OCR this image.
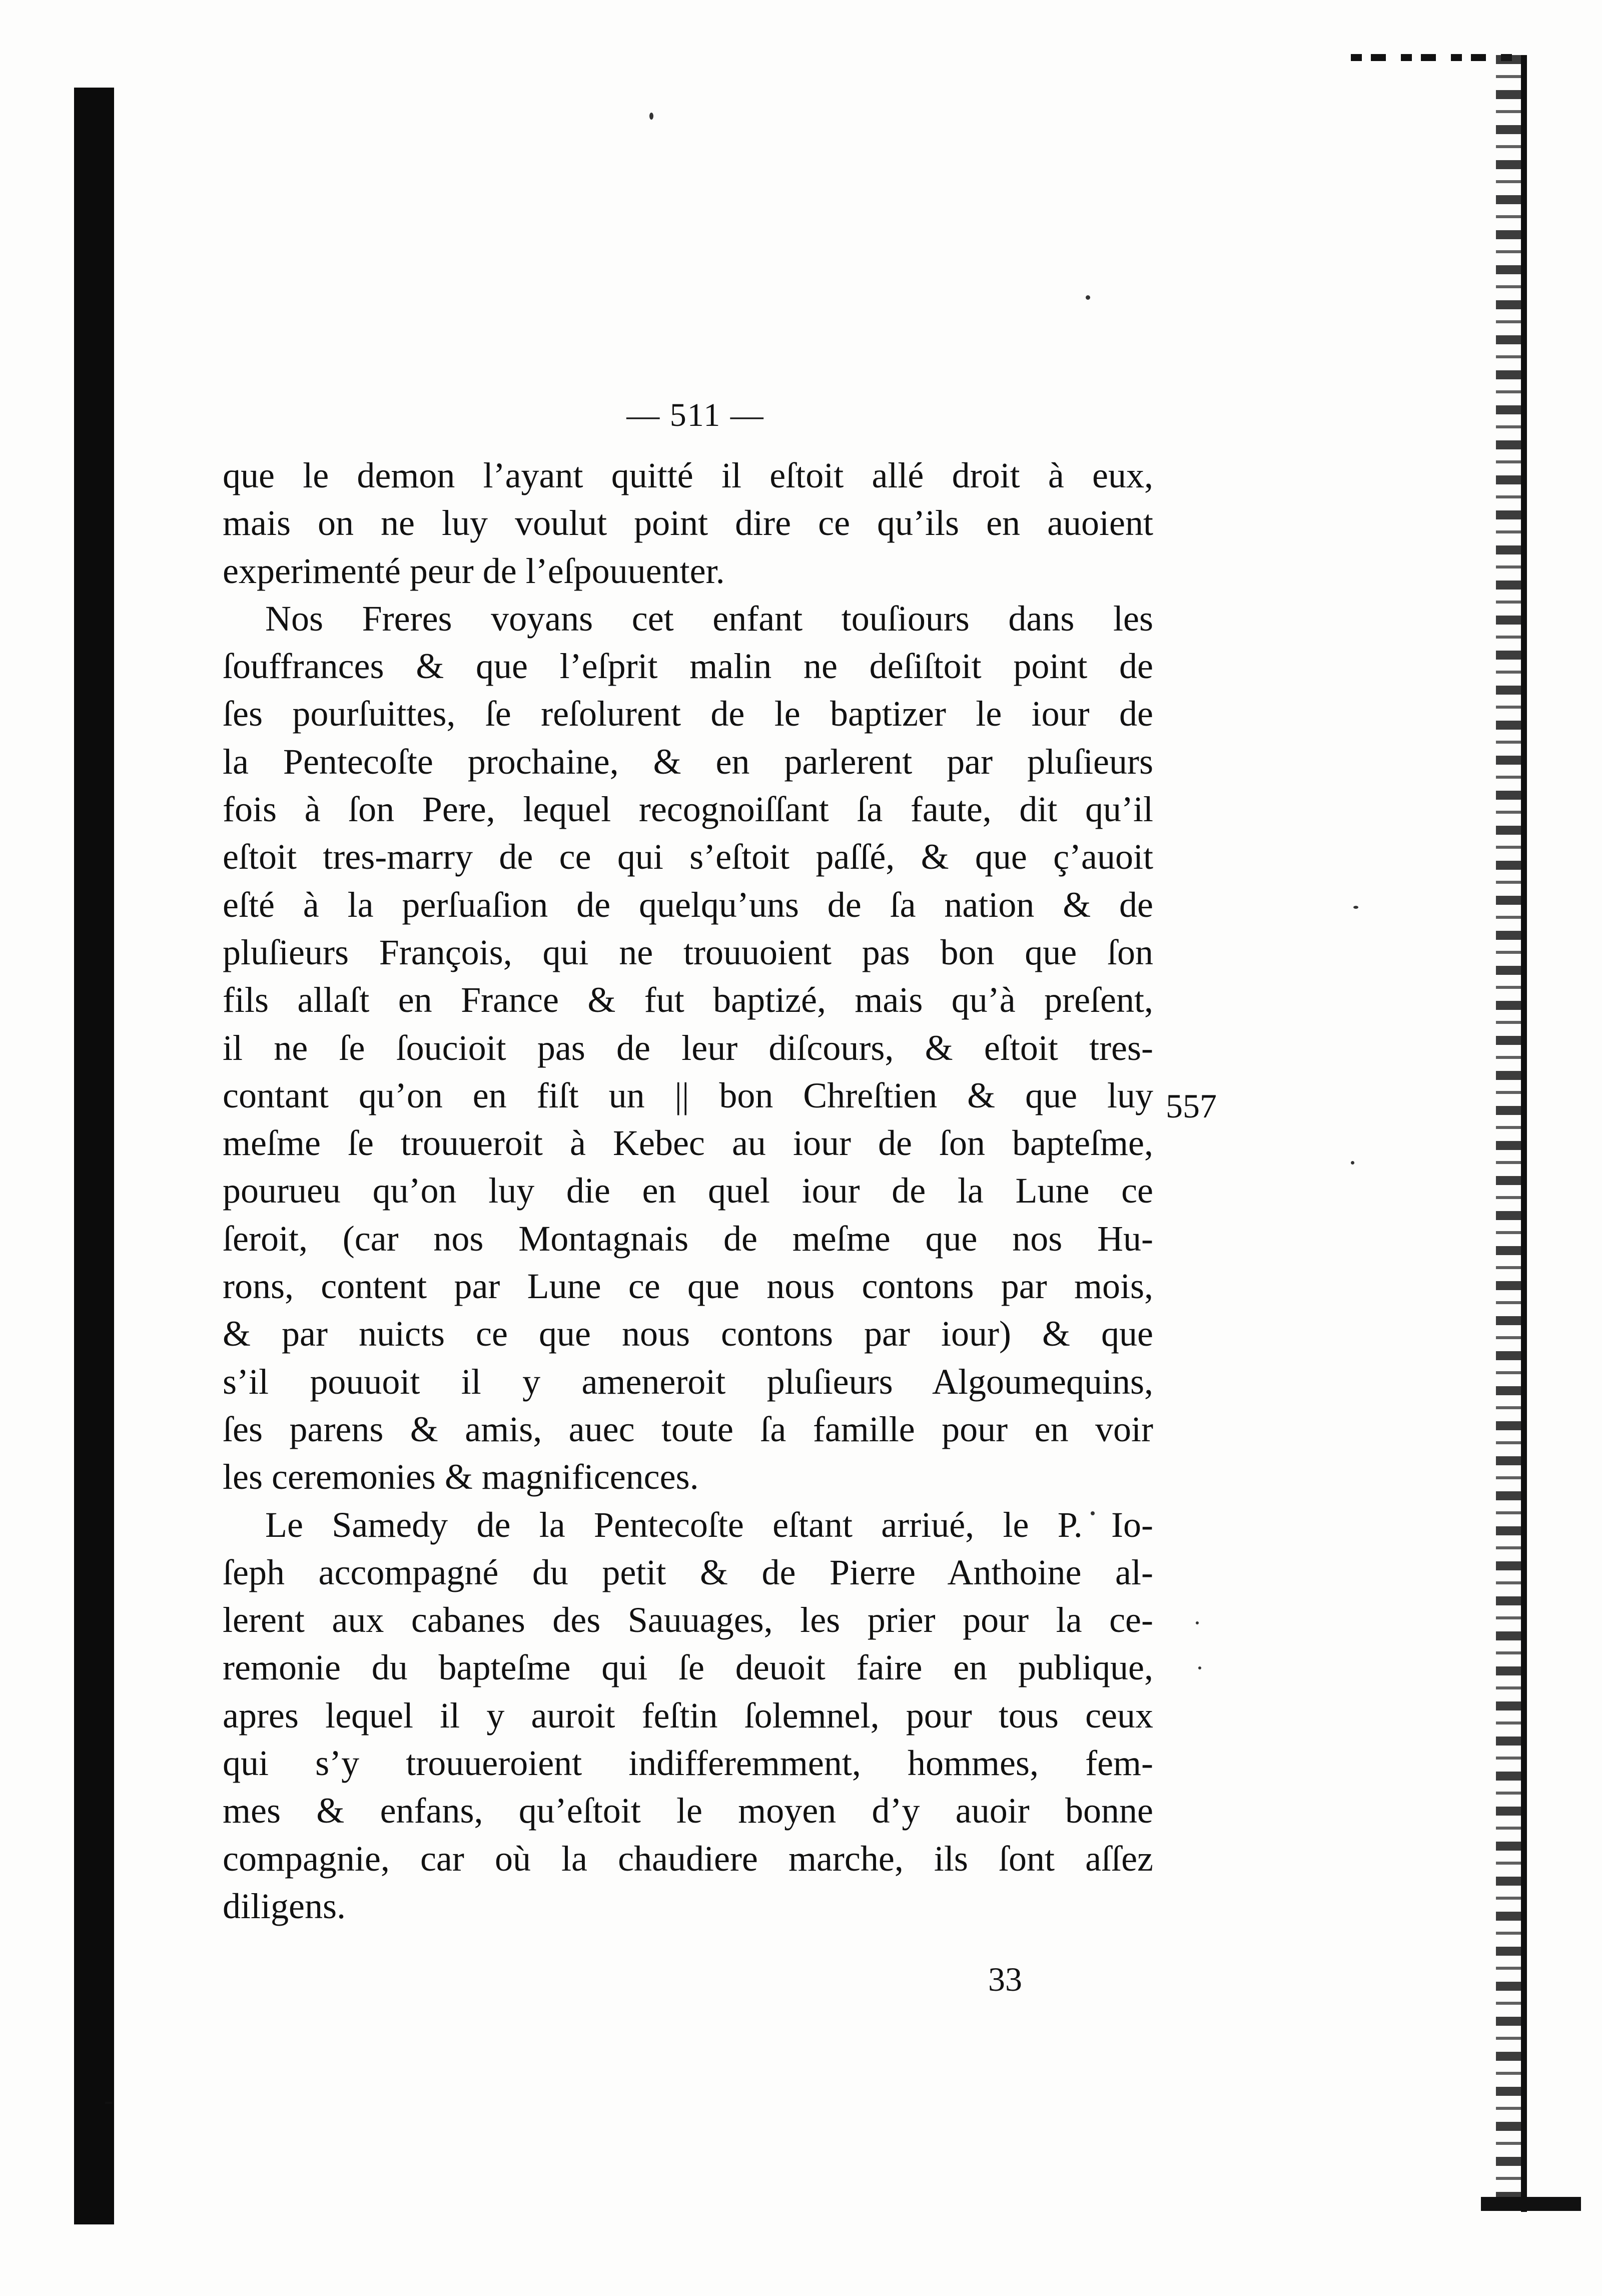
— 511 —
que le demon l’ayant quitté il eſtoit allé droit à eux,
mais on ne luy voulut point dire ce qu’ils en auoient
experimenté peur de l’eſpouuenter.
Nos Freres voyans cet enfant touſiours dans les
ſouffrances & que l’eſprit malin ne deſiſtoit point de
ſes pourſuittes, ſe reſolurent de le baptizer le iour de
la Pentecoſte prochaine, & en parlerent par pluſieurs
fois à ſon Pere, lequel recognoiſſant ſa faute, dit qu’il
eſtoit tres-marry de ce qui s’eſtoit paſſé, & que ç’auoit
eſté à la perſuaſion de quelqu’uns de ſa nation & de
pluſieurs François, qui ne trouuoient pas bon que ſon
fils allaſt en France & fut baptizé, mais qu’à preſent,
il ne ſe ſoucioit pas de leur diſcours, & eſtoit tres-
contant qu’on en fiſt un || bon Chreſtien & que luy
meſme ſe trouueroit à Kebec au iour de ſon bapteſme,
pourueu qu’on luy die en quel iour de la Lune ce
ſeroit, (car nos Montagnais de meſme que nos Hu-
rons, content par Lune ce que nous contons par mois,
& par nuicts ce que nous contons par iour) & que
s’il pouuoit il y ameneroit pluſieurs Algoumequins,
ſes parens & amis, auec toute ſa famille pour en voir
les ceremonies & magnificences.
Le Samedy de la Pentecoſte eſtant arriué, le P. Io-
ſeph accompagné du petit & de Pierre Anthoine al-
lerent aux cabanes des Sauuages, les prier pour la ce-
remonie du bapteſme qui ſe deuoit faire en publique,
apres lequel il y auroit feſtin ſolemnel, pour tous ceux
qui s’y trouueroient indifferemment, hommes, fem-
mes & enfans, qu’eſtoit le moyen d’y auoir bonne
compagnie, car où la chaudiere marche, ils ſont aſſez
diligens.
557
33
